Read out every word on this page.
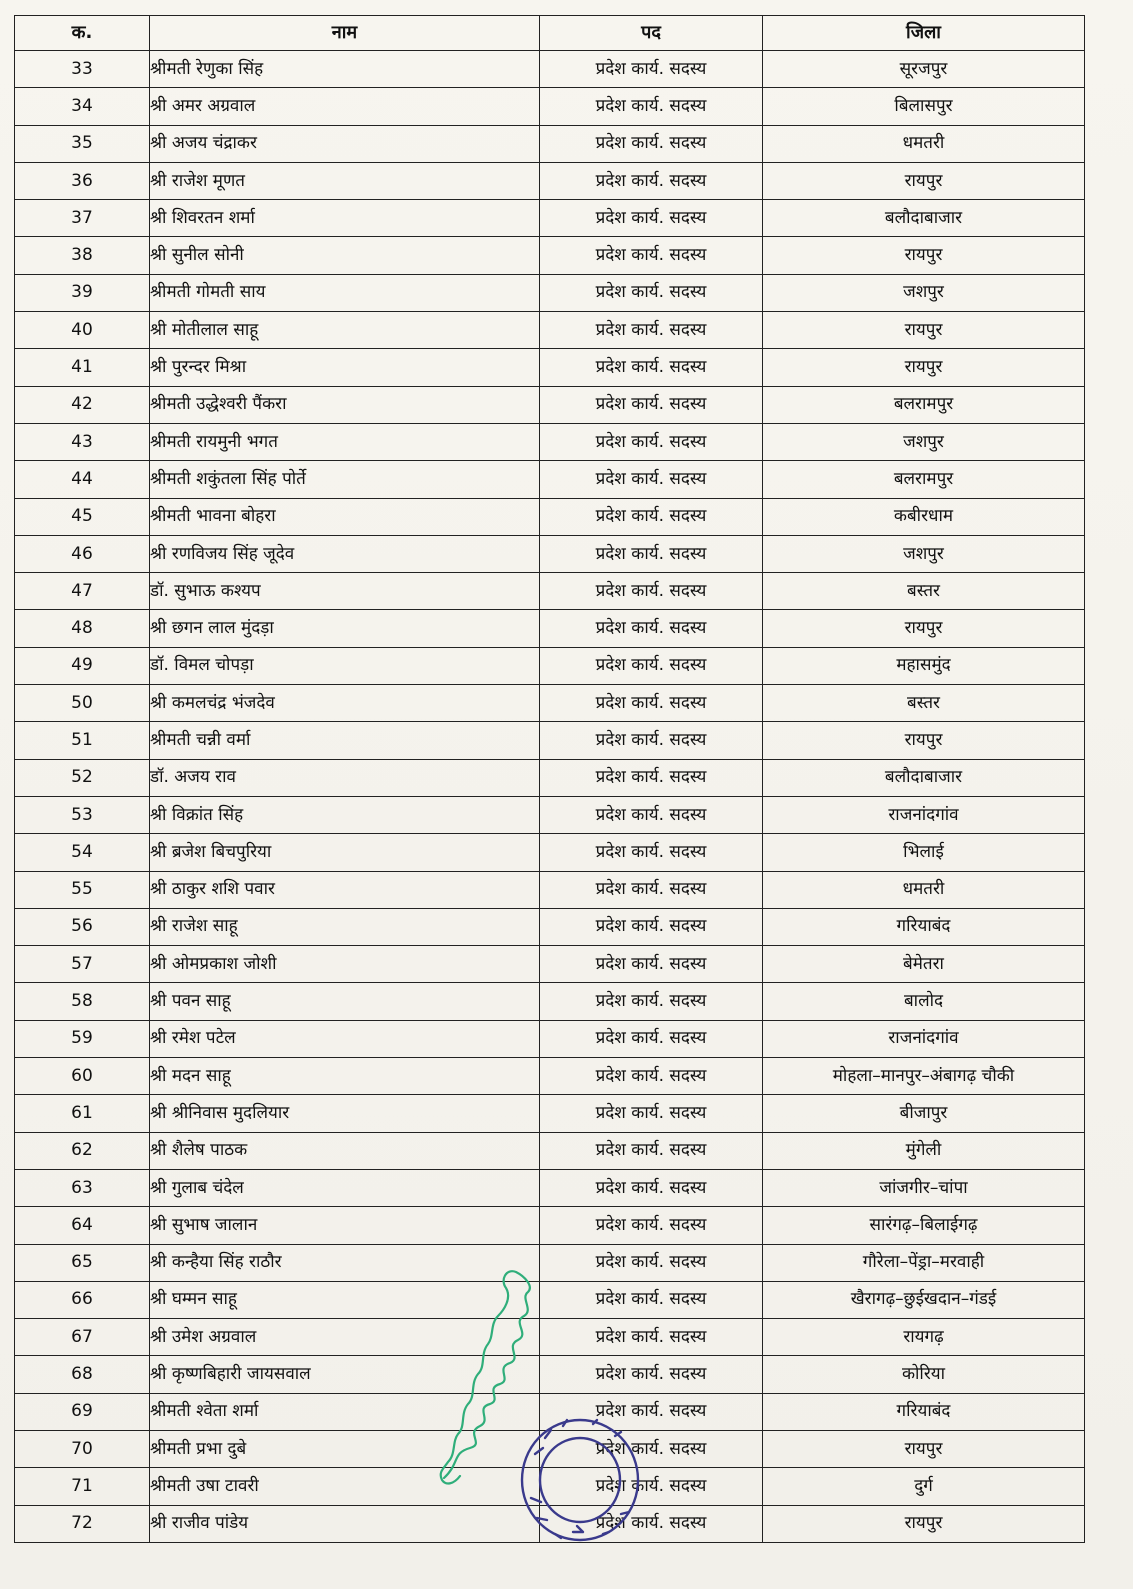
क.	नाम	पद	जिला
33	श्रीमती रेणुका सिंह	प्रदेश कार्य. सदस्य	सूरजपुर
34	श्री अमर अग्रवाल	प्रदेश कार्य. सदस्य	बिलासपुर
35	श्री अजय चंद्राकर	प्रदेश कार्य. सदस्य	धमतरी
36	श्री राजेश मूणत	प्रदेश कार्य. सदस्य	रायपुर
37	श्री शिवरतन शर्मा	प्रदेश कार्य. सदस्य	बलौदाबाजार
38	श्री सुनील सोनी	प्रदेश कार्य. सदस्य	रायपुर
39	श्रीमती गोमती साय	प्रदेश कार्य. सदस्य	जशपुर
40	श्री मोतीलाल साहू	प्रदेश कार्य. सदस्य	रायपुर
41	श्री पुरन्दर मिश्रा	प्रदेश कार्य. सदस्य	रायपुर
42	श्रीमती उद्धेश्वरी पैंकरा	प्रदेश कार्य. सदस्य	बलरामपुर
43	श्रीमती रायमुनी भगत	प्रदेश कार्य. सदस्य	जशपुर
44	श्रीमती शकुंतला सिंह पोर्ते	प्रदेश कार्य. सदस्य	बलरामपुर
45	श्रीमती भावना बोहरा	प्रदेश कार्य. सदस्य	कबीरधाम
46	श्री रणविजय सिंह जूदेव	प्रदेश कार्य. सदस्य	जशपुर
47	डॉ. सुभाऊ कश्यप	प्रदेश कार्य. सदस्य	बस्तर
48	श्री छगन लाल मुंदड़ा	प्रदेश कार्य. सदस्य	रायपुर
49	डॉ. विमल चोपड़ा	प्रदेश कार्य. सदस्य	महासमुंद
50	श्री कमलचंद्र भंजदेव	प्रदेश कार्य. सदस्य	बस्तर
51	श्रीमती चन्नी वर्मा	प्रदेश कार्य. सदस्य	रायपुर
52	डॉ. अजय राव	प्रदेश कार्य. सदस्य	बलौदाबाजार
53	श्री विक्रांत सिंह	प्रदेश कार्य. सदस्य	राजनांदगांव
54	श्री ब्रजेश बिचपुरिया	प्रदेश कार्य. सदस्य	भिलाई
55	श्री ठाकुर शशि पवार	प्रदेश कार्य. सदस्य	धमतरी
56	श्री राजेश साहू	प्रदेश कार्य. सदस्य	गरियाबंद
57	श्री ओमप्रकाश जोशी	प्रदेश कार्य. सदस्य	बेमेतरा
58	श्री पवन साहू	प्रदेश कार्य. सदस्य	बालोद
59	श्री रमेश पटेल	प्रदेश कार्य. सदस्य	राजनांदगांव
60	श्री मदन साहू	प्रदेश कार्य. सदस्य	मोहला–मानपुर–अंबागढ़ चौकी
61	श्री श्रीनिवास मुदलियार	प्रदेश कार्य. सदस्य	बीजापुर
62	श्री शैलेष पाठक	प्रदेश कार्य. सदस्य	मुंगेली
63	श्री गुलाब चंदेल	प्रदेश कार्य. सदस्य	जांजगीर–चांपा
64	श्री सुभाष जालान	प्रदेश कार्य. सदस्य	सारंगढ़–बिलाईगढ़
65	श्री कन्हैया सिंह राठौर	प्रदेश कार्य. सदस्य	गौरेला–पेंड्रा–मरवाही
66	श्री घम्मन साहू	प्रदेश कार्य. सदस्य	खैरागढ़–छुईखदान–गंडई
67	श्री उमेश अग्रवाल	प्रदेश कार्य. सदस्य	रायगढ़
68	श्री कृष्णबिहारी जायसवाल	प्रदेश कार्य. सदस्य	कोरिया
69	श्रीमती श्वेता शर्मा	प्रदेश कार्य. सदस्य	गरियाबंद
70	श्रीमती प्रभा दुबे	प्रदेश कार्य. सदस्य	रायपुर
71	श्रीमती उषा टावरी	प्रदेश कार्य. सदस्य	दुर्ग
72	श्री राजीव पांडेय	प्रदेश कार्य. सदस्य	रायपुर
